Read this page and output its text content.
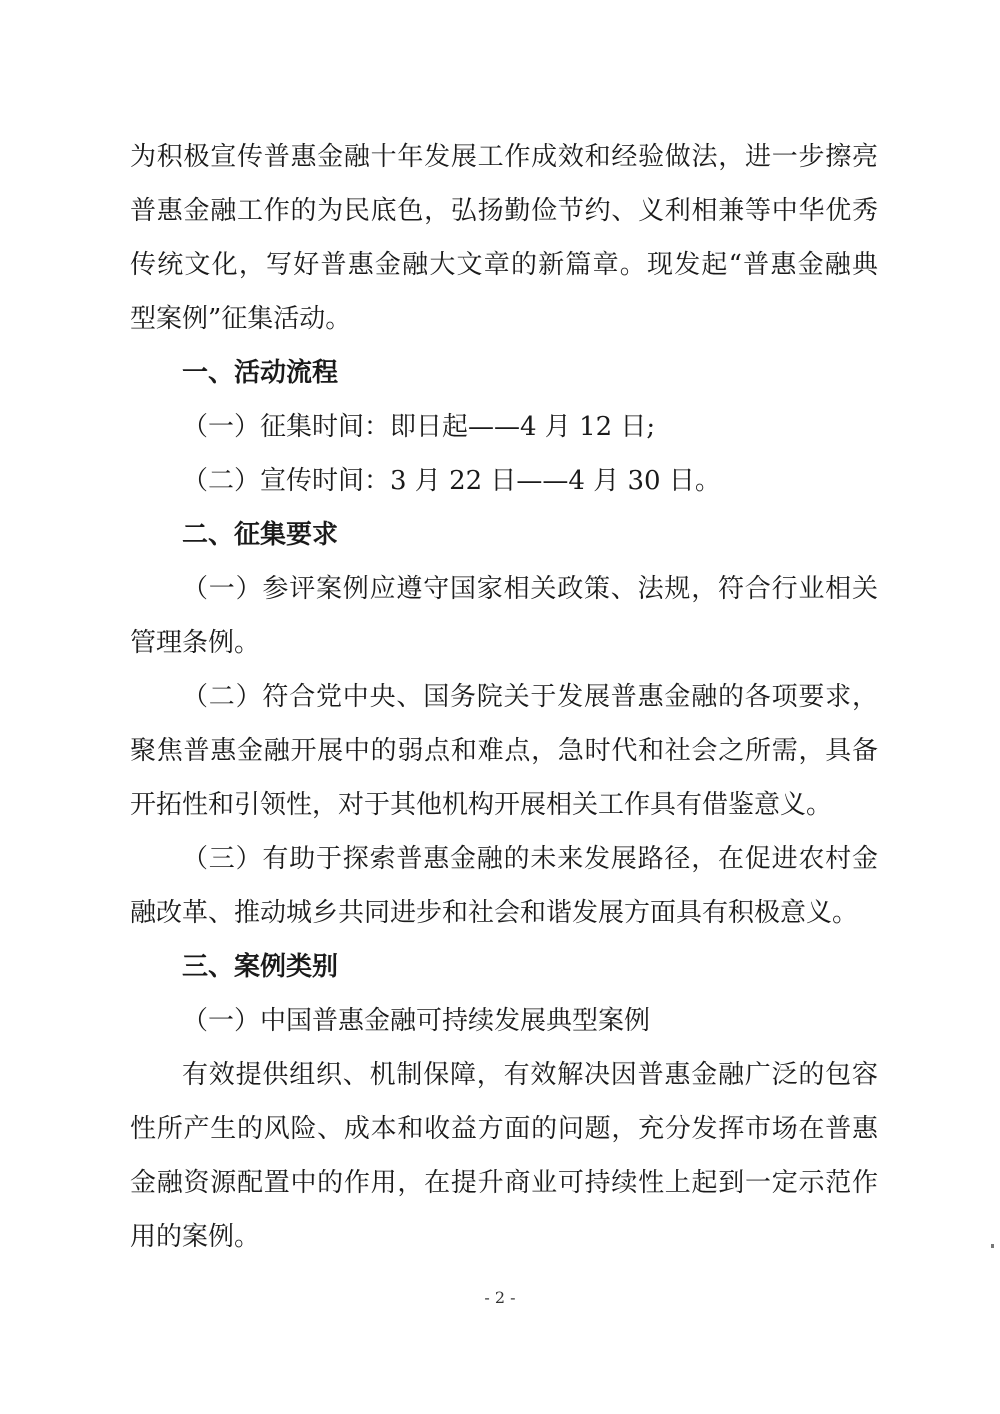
为积极宣传普惠金融十年发展工作成效和经验做法，进一步擦亮
普惠金融工作的为民底色，弘扬勤俭节约、义利相兼等中华优秀
传统文化，写好普惠金融大文章的新篇章。现发起“普惠金融典
型案例”征集活动。
一、活动流程
（一）征集时间：即日起——4 月 12 日;
（二）宣传时间：3 月 22 日——4 月 30 日。
二、征集要求
（一）参评案例应遵守国家相关政策、法规，符合行业相关
管理条例。
（二）符合党中央、国务院关于发展普惠金融的各项要求，
聚焦普惠金融开展中的弱点和难点，急时代和社会之所需，具备
开拓性和引领性，对于其他机构开展相关工作具有借鉴意义。
（三）有助于探索普惠金融的未来发展路径，在促进农村金
融改革、推动城乡共同进步和社会和谐发展方面具有积极意义。
三、案例类别
（一）中国普惠金融可持续发展典型案例
有效提供组织、机制保障，有效解决因普惠金融广泛的包容
性所产生的风险、成本和收益方面的问题，充分发挥市场在普惠
金融资源配置中的作用，在提升商业可持续性上起到一定示范作
用的案例。
- 2 -
